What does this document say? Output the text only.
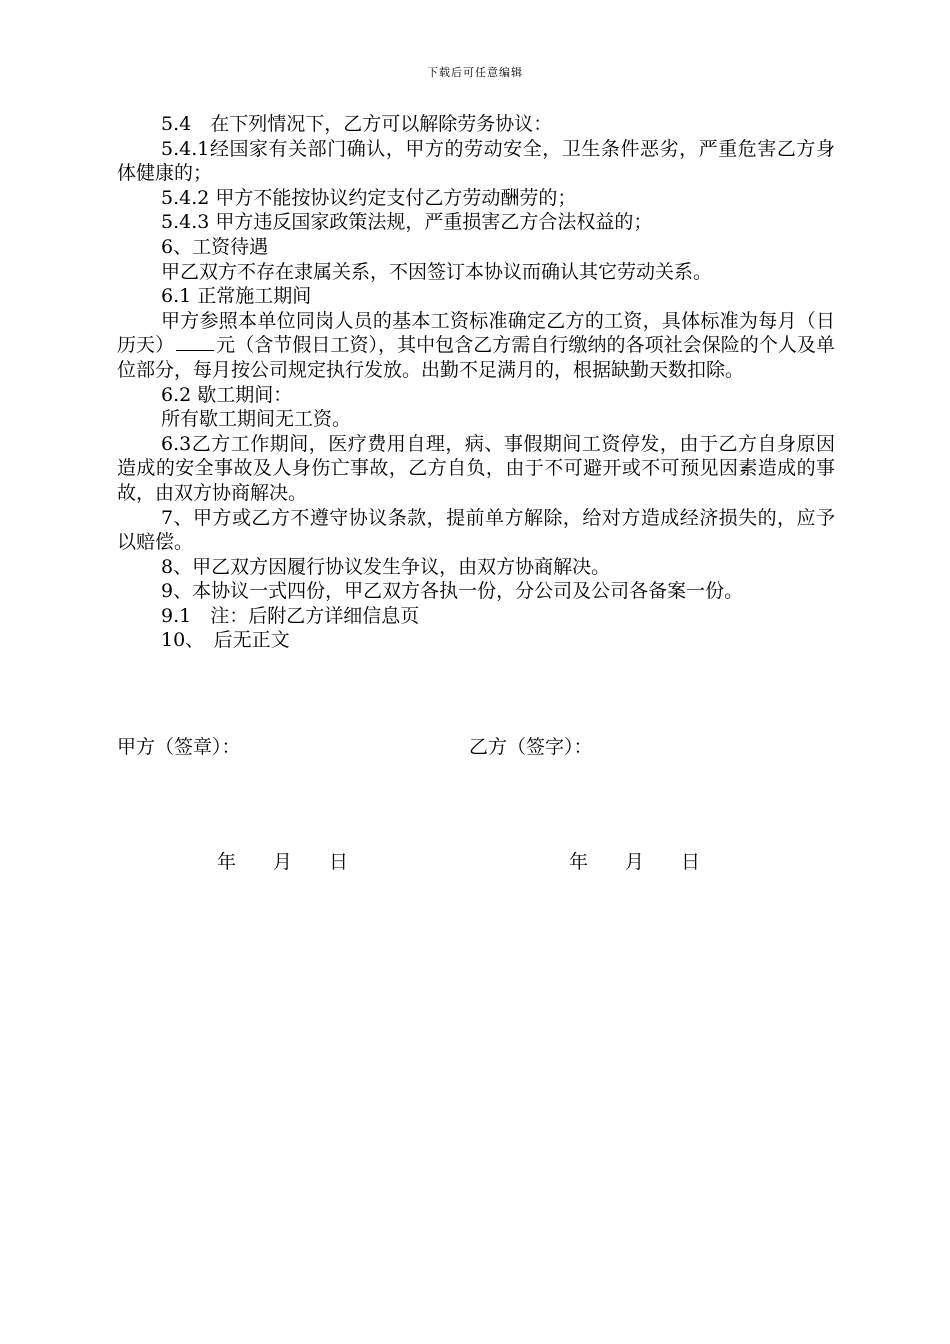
下载后可任意编辑

5.4　在下列情况下，乙方可以解除劳务协议：

5.4.1经国家有关部门确认，甲方的劳动安全，卫生条件恶劣，严重危害乙方身体健康的；

5.4.2 甲方不能按协议约定支付乙方劳动酬劳的；

5.4.3 甲方违反国家政策法规，严重损害乙方合法权益的；

6、工资待遇

甲乙双方不存在隶属关系，不因签订本协议而确认其它劳动关系。

6.1 正常施工期间

甲方参照本单位同岗人员的基本工资标准确定乙方的工资，具体标准为每月（日历天） 元（含节假日工资），其中包含乙方需自行缴纳的各项社会保险的个人及单位部分，每月按公司规定执行发放。出勤不足满月的，根据缺勤天数扣除。

6.2 歇工期间：

所有歇工期间无工资。

6.3乙方工作期间，医疗费用自理，病、事假期间工资停发，由于乙方自身原因造成的安全事故及人身伤亡事故，乙方自负，由于不可避开或不可预见因素造成的事故，由双方协商解决。

7、甲方或乙方不遵守协议条款，提前单方解除，给对方造成经济损失的，应予以赔偿。

8、甲乙双方因履行协议发生争议，由双方协商解决。

9、本协议一式四份，甲乙双方各执一份，分公司及公司各备案一份。

9.1　注：后附乙方详细信息页

10、　后无正文

甲方（签章）：	乙方（签字）：
年 月 日	年 月 日
